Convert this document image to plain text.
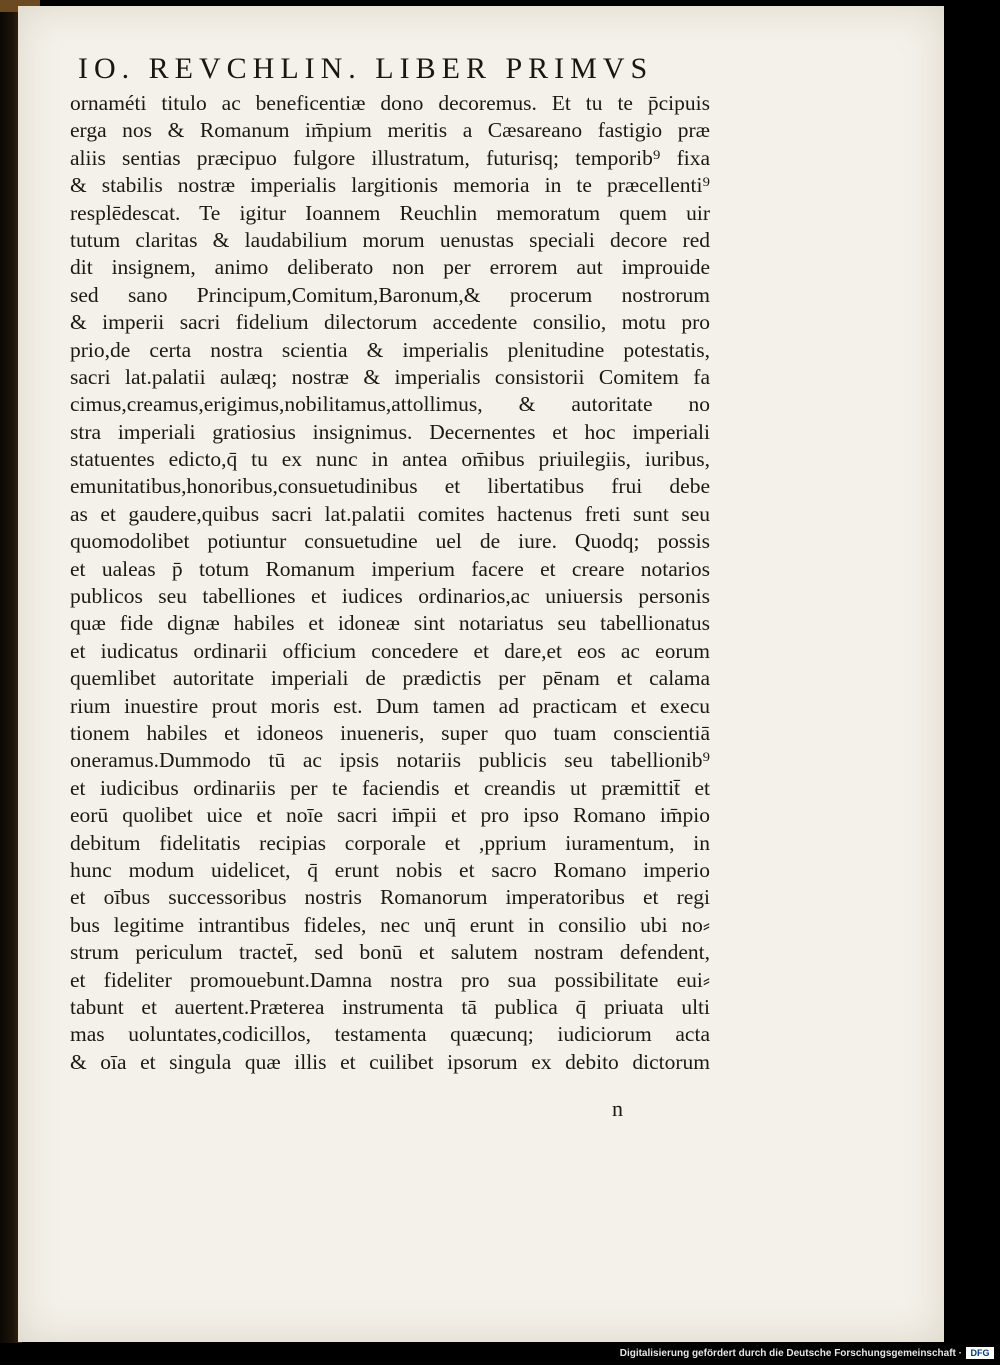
IO. REVCHLIN. LIBER PRIMVS
ornaméti titulo ac beneficentiæ dono decoremus. Et tu te p̄cipuis
erga nos & Romanum im̄pium meritis a Cæsareano fastigio præ
aliis sentias præcipuo fulgore illustratum, futurisq; temporib⁹ fixa
& stabilis nostræ imperialis largitionis memoria in te præcellenti⁹
resplēdescat. Te igitur Ioannem Reuchlin memoratum quem uir
tutum claritas & laudabilium morum uenustas speciali decore red
dit insignem, animo deliberato non per errorem aut improuide
sed sano Principum,Comitum,Baronum,& procerum nostrorum
& imperii sacri fidelium dilectorum accedente consilio, motu pro
prio,de certa nostra scientia & imperialis plenitudine potestatis,
sacri lat.palatii aulæq; nostræ & imperialis consistorii Comitem fa
cimus,creamus,erigimus,nobilitamus,attollimus, & autoritate no
stra imperiali gratiosius insignimus. Decernentes et hoc imperiali
statuentes edicto,q̄ tu ex nunc in antea om̄ibus priuilegiis, iuribus,
emunitatibus,honoribus,consuetudinibus et libertatibus frui debe
as et gaudere,quibus sacri lat.palatii comites hactenus freti sunt seu
quomodolibet potiuntur consuetudine uel de iure. Quodq; possis
et ualeas p̄ totum Romanum imperium facere et creare notarios
publicos seu tabelliones et iudices ordinarios,ac uniuersis personis
quæ fide dignæ habiles et idoneæ sint notariatus seu tabellionatus
et iudicatus ordinarii officium concedere et dare,et eos ac eorum
quemlibet autoritate imperiali de prædictis per pēnam et calama
rium inuestire prout moris est. Dum tamen ad practicam et execu
tionem habiles et idoneos inueneris, super quo tuam conscientiā
oneramus.Dummodo tū ac ipsis notariis publicis seu tabellionib⁹
et iudicibus ordinariis per te faciendis et creandis ut præmittit̄ et
eorū quolibet uice et noīe sacri im̄pii et pro ipso Romano im̄pio
debitum fidelitatis recipias corporale et ,pprium iuramentum, in
hunc modum uidelicet, q̄ erunt nobis et sacro Romano imperio
et oībus successoribus nostris Romanorum imperatoribus et regi
bus legitime intrantibus fideles, nec unq̄ erunt in consilio ubi no⸗
strum periculum tractet̄, sed bonū et salutem nostram defendent,
et fideliter promouebunt.Damna nostra pro sua possibilitate eui⸗
tabunt et auertent.Præterea instrumenta tā publica q̄ priuata ulti
mas uoluntates,codicillos, testamenta quæcunq; iudiciorum acta
& oīa et singula quæ illis et cuilibet ipsorum ex debito dictorum
n
Digitalisierung gefördert durch die Deutsche Forschungsgemeinschaft · DFG
